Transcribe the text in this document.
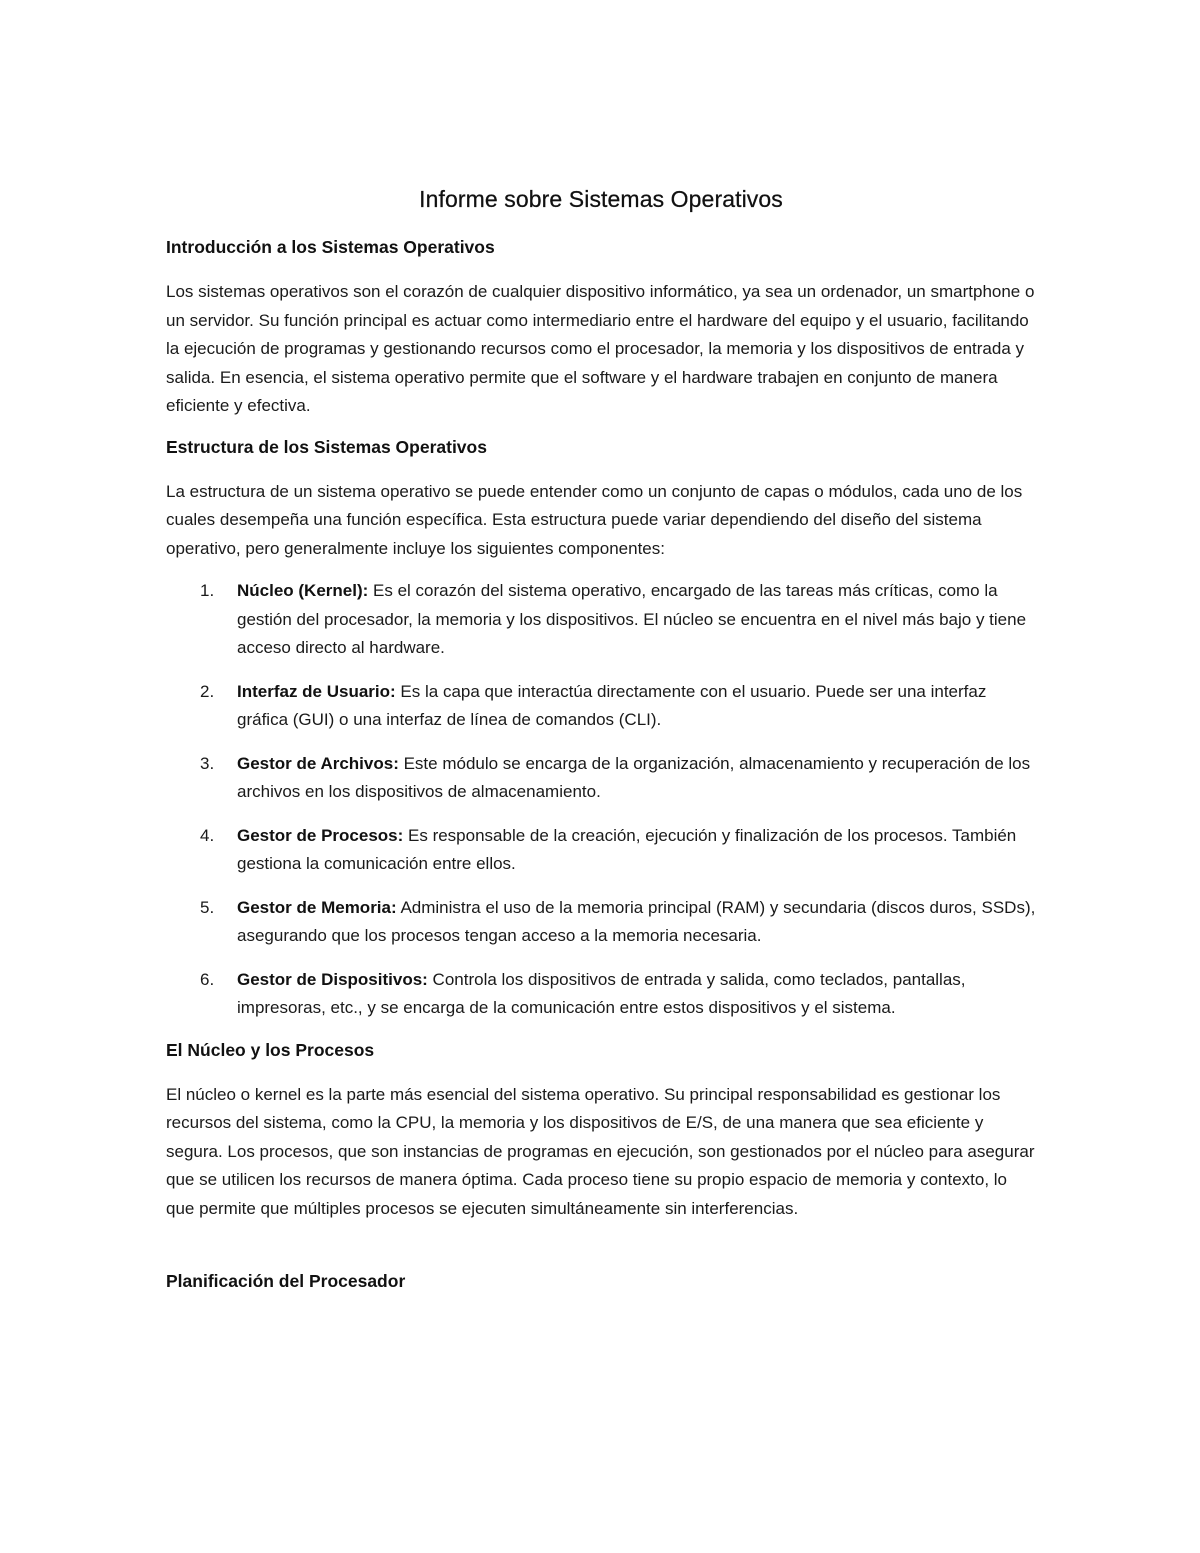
Informe sobre Sistemas Operativos
Introducción a los Sistemas Operativos

Los sistemas operativos son el corazón de cualquier dispositivo informático, ya sea un ordenador, un smartphone o un servidor. Su función principal es actuar como intermediario entre el hardware del equipo y el usuario, facilitando la ejecución de programas y gestionando recursos como el procesador, la memoria y los dispositivos de entrada y salida. En esencia, el sistema operativo permite que el software y el hardware trabajen en conjunto de manera eficiente y efectiva.

Estructura de los Sistemas Operativos

La estructura de un sistema operativo se puede entender como un conjunto de capas o módulos, cada uno de los cuales desempeña una función específica. Esta estructura puede variar dependiendo del diseño del sistema operativo, pero generalmente incluye los siguientes componentes:

1. Núcleo (Kernel): Es el corazón del sistema operativo, encargado de las tareas más críticas, como la gestión del procesador, la memoria y los dispositivos. El núcleo se encuentra en el nivel más bajo y tiene acceso directo al hardware.
2. Interfaz de Usuario: Es la capa que interactúa directamente con el usuario. Puede ser una interfaz gráfica (GUI) o una interfaz de línea de comandos (CLI).
3. Gestor de Archivos: Este módulo se encarga de la organización, almacenamiento y recuperación de los archivos en los dispositivos de almacenamiento.
4. Gestor de Procesos: Es responsable de la creación, ejecución y finalización de los procesos. También gestiona la comunicación entre ellos.
5. Gestor de Memoria: Administra el uso de la memoria principal (RAM) y secundaria (discos duros, SSDs), asegurando que los procesos tengan acceso a la memoria necesaria.
6. Gestor de Dispositivos: Controla los dispositivos de entrada y salida, como teclados, pantallas, impresoras, etc., y se encarga de la comunicación entre estos dispositivos y el sistema.
El Núcleo y los Procesos

El núcleo o kernel es la parte más esencial del sistema operativo. Su principal responsabilidad es gestionar los recursos del sistema, como la CPU, la memoria y los dispositivos de E/S, de una manera que sea eficiente y segura. Los procesos, que son instancias de programas en ejecución, son gestionados por el núcleo para asegurar que se utilicen los recursos de manera óptima. Cada proceso tiene su propio espacio de memoria y contexto, lo que permite que múltiples procesos se ejecuten simultáneamente sin interferencias.

Planificación del Procesador
